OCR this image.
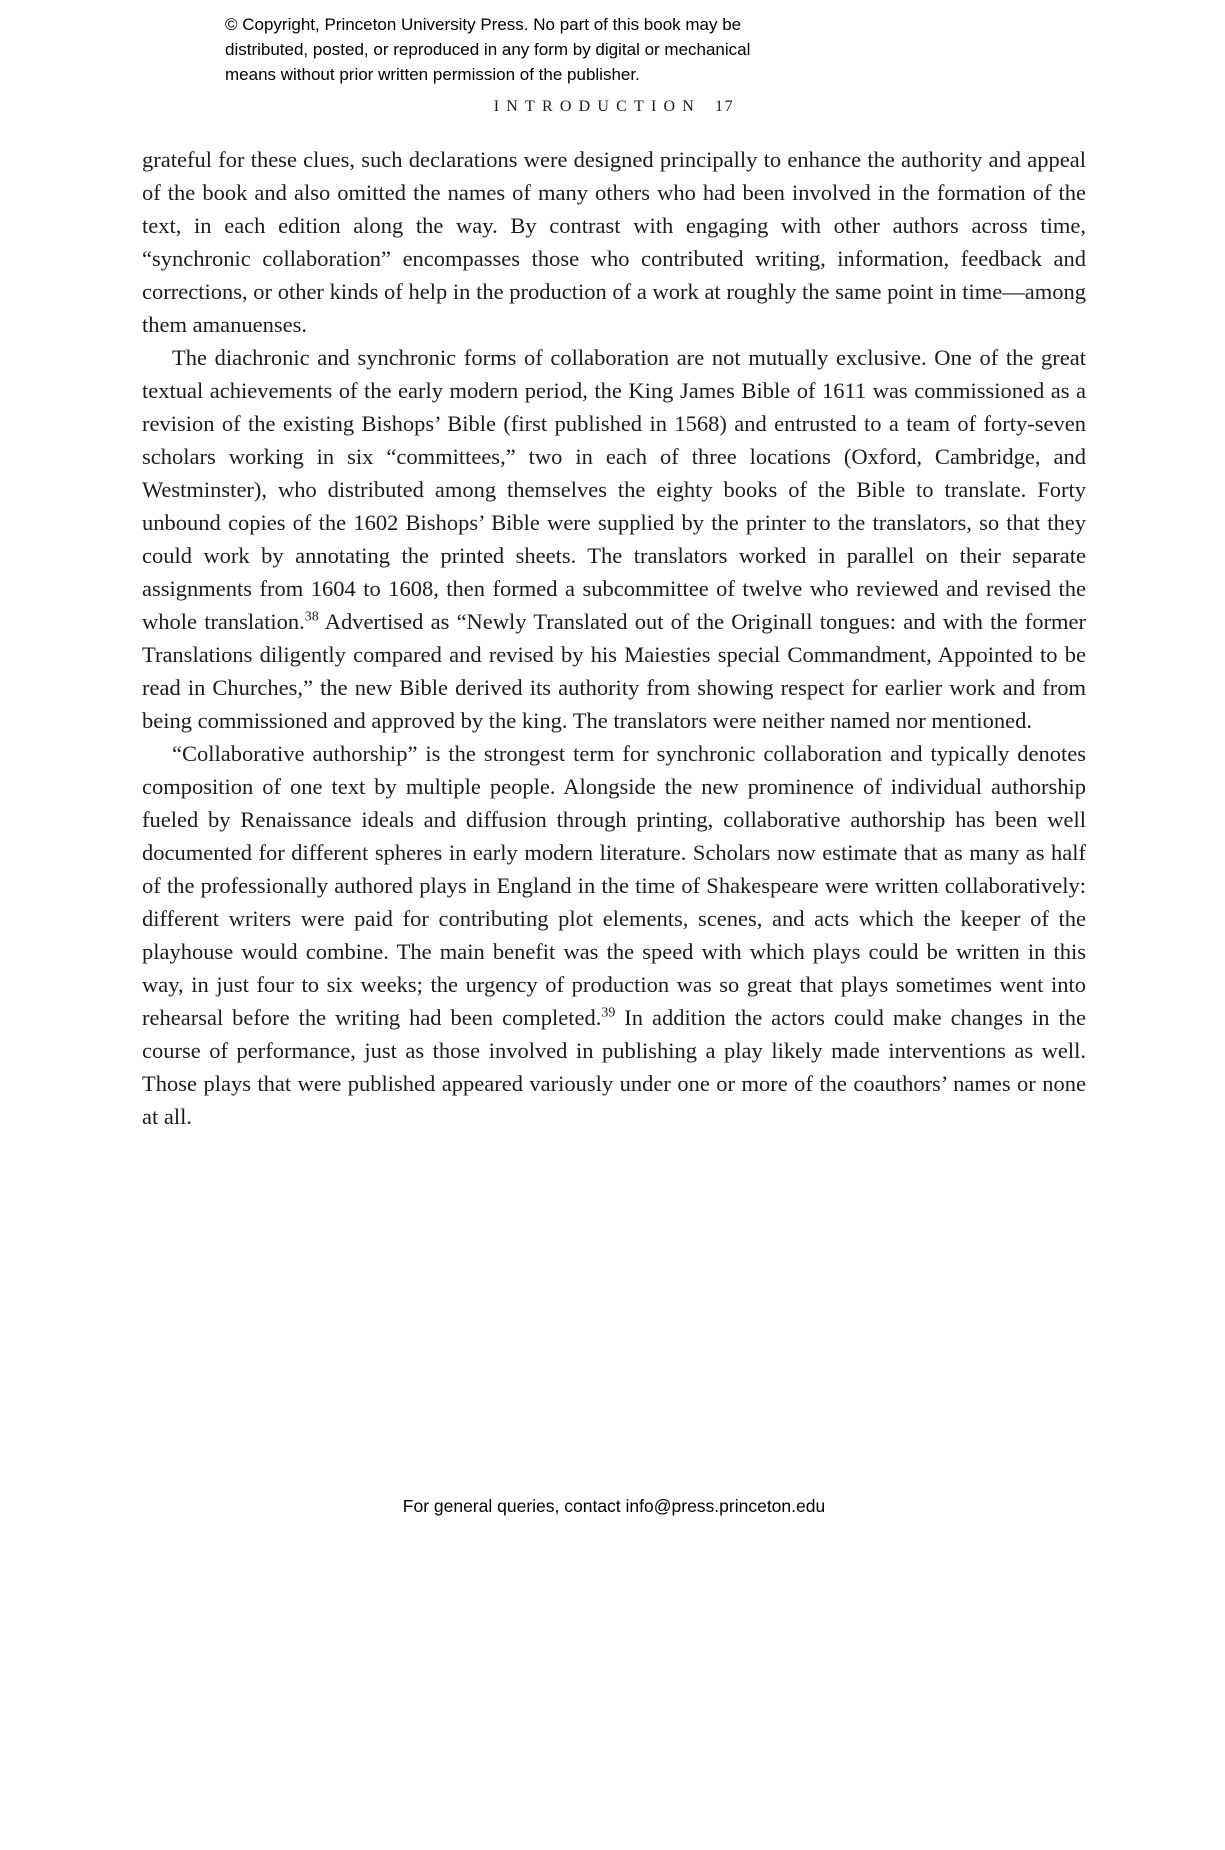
© Copyright, Princeton University Press. No part of this book may be
distributed, posted, or reproduced in any form by digital or mechanical
means without prior written permission of the publisher.
INTRODUCTION 17

grateful for these clues, such declarations were designed principally to enhance the authority and appeal of the book and also omitted the names of many others who had been involved in the formation of the text, in each edition along the way. By contrast with engaging with other authors across time, “synchronic collaboration” encompasses those who contributed writing, information, feedback and corrections, or other kinds of help in the production of a work at roughly the same point in time—among them amanuenses.

The diachronic and synchronic forms of collaboration are not mutually exclusive. One of the great textual achievements of the early modern period, the King James Bible of 1611 was commissioned as a revision of the existing Bishops’ Bible (first published in 1568) and entrusted to a team of forty-seven scholars working in six “committees,” two in each of three locations (Oxford, Cambridge, and Westminster), who distributed among themselves the eighty books of the Bible to translate. Forty unbound copies of the 1602 Bishops’ Bible were supplied by the printer to the translators, so that they could work by annotating the printed sheets. The translators worked in parallel on their separate assignments from 1604 to 1608, then formed a subcommittee of twelve who reviewed and revised the whole translation.$^{38}$ Advertised as “Newly Translated out of the Originall tongues: and with the former Translations diligently compared and revised by his Maiesties special Commandment, Appointed to be read in Churches,” the new Bible derived its authority from showing respect for earlier work and from being commissioned and approved by the king. The translators were neither named nor mentioned.

“Collaborative authorship” is the strongest term for synchronic collaboration and typically denotes composition of one text by multiple people. Alongside the new prominence of individual authorship fueled by Renaissance ideals and diffusion through printing, collaborative authorship has been well documented for different spheres in early modern literature. Scholars now estimate that as many as half of the professionally authored plays in England in the time of Shakespeare were written collaboratively: different writers were paid for contributing plot elements, scenes, and acts which the keeper of the playhouse would combine. The main benefit was the speed with which plays could be written in this way, in just four to six weeks; the urgency of production was so great that plays sometimes went into rehearsal before the writing had been completed.$^{39}$ In addition the actors could make changes in the course of performance, just as those involved in publishing a play likely made interventions as well. Those plays that were published appeared variously under one or more of the coauthors’ names or none at all.

For general queries, contact info@press.princeton.edu
